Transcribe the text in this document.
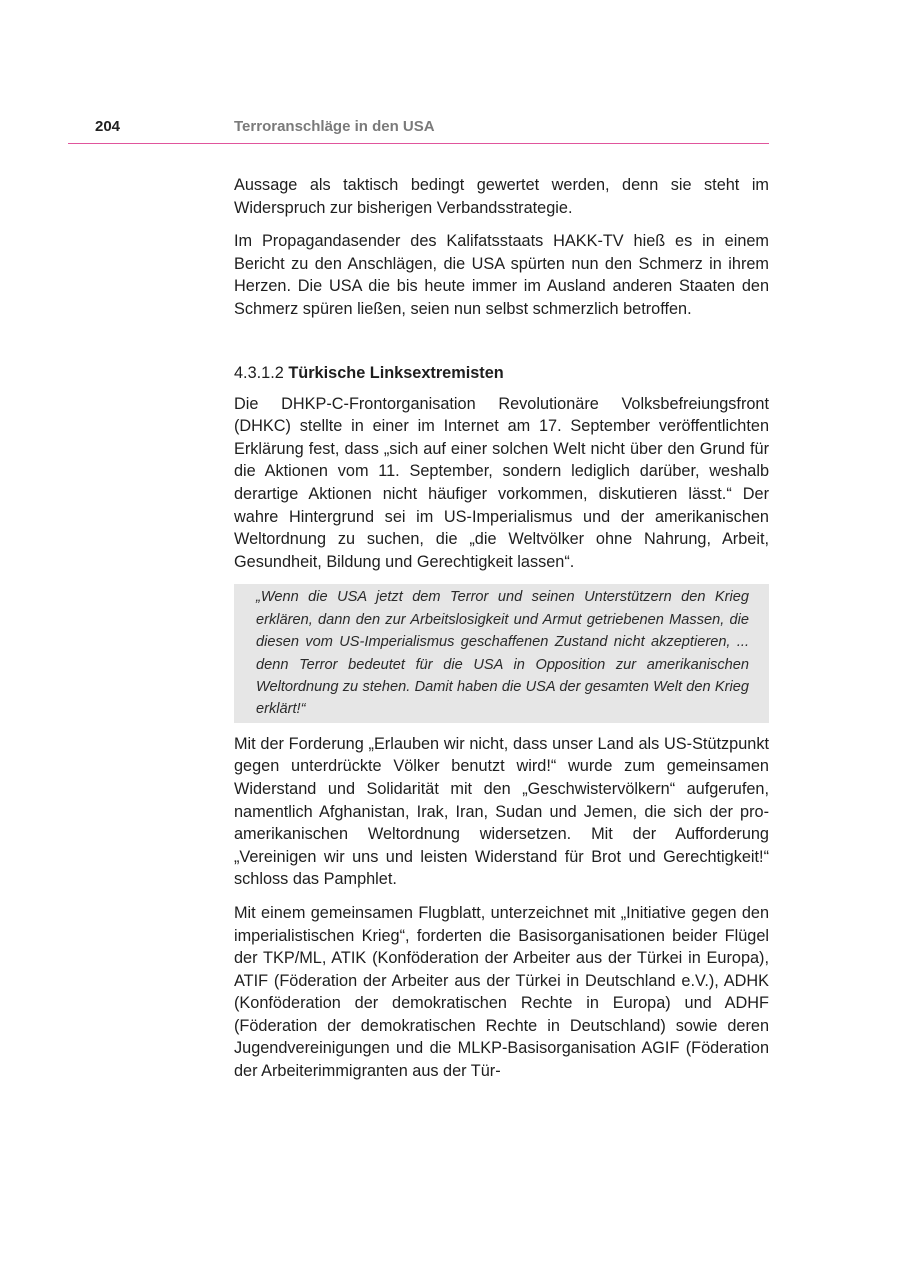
204	Terroranschläge in den USA

Aussage als taktisch bedingt gewertet werden, denn sie steht im Widerspruch zur bisherigen Verbandsstrategie.

Im Propagandasender des Kalifatsstaats HAKK-TV hieß es in einem Bericht zu den Anschlägen, die USA spürten nun den Schmerz in ihrem Herzen. Die USA die bis heute immer im Ausland anderen Staaten den Schmerz spüren ließen, seien nun selbst schmerzlich betroffen.

4.3.1.2 Türkische Linksextremisten

Die DHKP-C-Frontorganisation Revolutionäre Volksbefreiungsfront (DHKC) stellte in einer im Internet am 17. September veröffentlichten Erklärung fest, dass „sich auf einer solchen Welt nicht über den Grund für die Aktionen vom 11. September, sondern lediglich darüber, weshalb derartige Aktionen nicht häufiger vorkommen, diskutieren lässt.“ Der wahre Hintergrund sei im US-Imperialismus und der amerikanischen Weltordnung zu suchen, die „die Weltvölker ohne Nahrung, Arbeit, Gesundheit, Bildung und Gerechtigkeit lassen“.

„Wenn die USA jetzt dem Terror und seinen Unterstützern den Krieg erklären, dann den zur Arbeitslosigkeit und Armut getriebenen Massen, die diesen vom US-Imperialismus geschaffenen Zustand nicht akzeptieren, ... denn Terror bedeutet für die USA in Opposition zur amerikanischen Weltordnung zu stehen. Damit haben die USA der gesamten Welt den Krieg erklärt!“

Mit der Forderung „Erlauben wir nicht, dass unser Land als US-Stützpunkt gegen unterdrückte Völker benutzt wird!“ wurde zum gemeinsamen Widerstand und Solidarität mit den „Geschwistervölkern“ aufgerufen, namentlich Afghanistan, Irak, Iran, Sudan und Jemen, die sich der pro-amerikanischen Weltordnung widersetzen. Mit der Aufforderung „Vereinigen wir uns und leisten Widerstand für Brot und Gerechtigkeit!“ schloss das Pamphlet.

Mit einem gemeinsamen Flugblatt, unterzeichnet mit „Initiative gegen den imperialistischen Krieg“, forderten die Basisorganisationen beider Flügel der TKP/ML, ATIK (Konföderation der Arbeiter aus der Türkei in Europa), ATIF (Föderation der Arbeiter aus der Türkei in Deutschland e.V.), ADHK (Konföderation der demokratischen Rechte in Europa) und ADHF (Föderation der demokratischen Rechte in Deutschland) sowie deren Jugendvereinigungen und die MLKP-Basisorganisation AGIF (Föderation der Arbeiterimmigranten aus der Tür-
